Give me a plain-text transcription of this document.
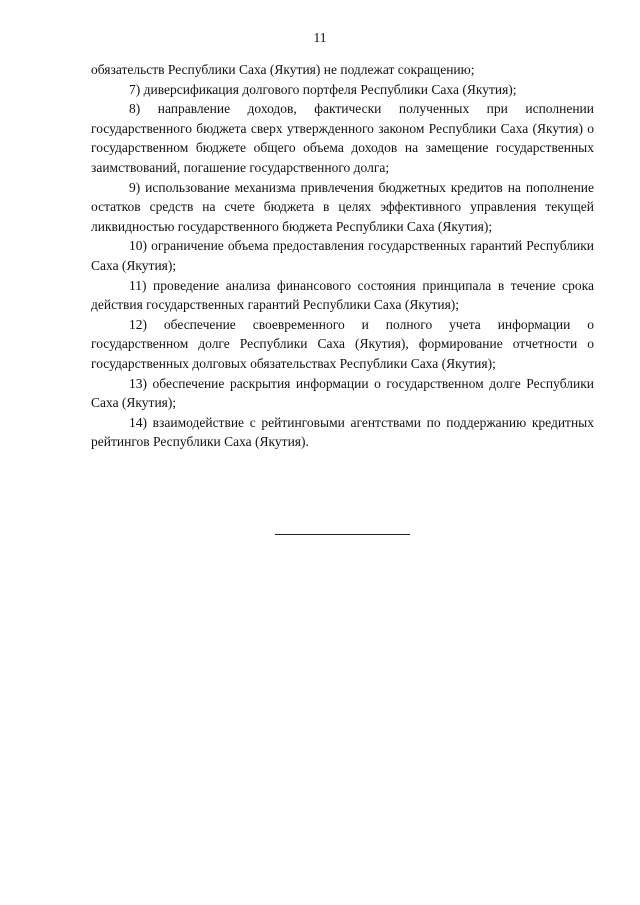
11

обязательств Республики Саха (Якутия) не подлежат сокращению;

7) диверсификация долгового портфеля Республики Саха (Якутия);

8) направление доходов, фактически полученных при исполнении государственного бюджета сверх утвержденного законом Республики Саха (Якутия) о государственном бюджете общего объема доходов на замещение государственных заимствований, погашение государственного долга;

9) использование механизма привлечения бюджетных кредитов на пополнение остатков средств на счете бюджета в целях эффективного управления текущей ликвидностью государственного бюджета Республики Саха (Якутия);

10) ограничение объема предоставления государственных гарантий Республики Саха (Якутия);

11) проведение анализа финансового состояния принципала в течение срока действия государственных гарантий Республики Саха (Якутия);

12) обеспечение своевременного и полного учета информации о государственном долге Республики Саха (Якутия), формирование отчетности о государственных долговых обязательствах Республики Саха (Якутия);

13) обеспечение раскрытия информации о государственном долге Республики Саха (Якутия);

14) взаимодействие с рейтинговыми агентствами по поддержанию кредитных рейтингов Республики Саха (Якутия).
